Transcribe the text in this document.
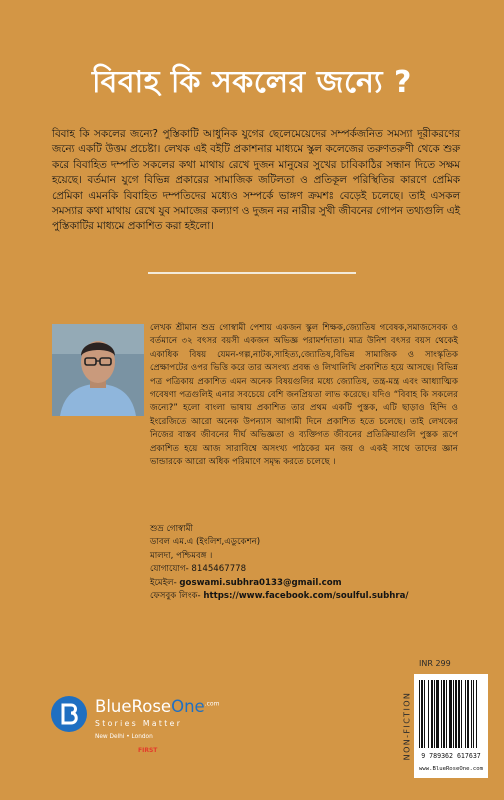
বিবাহ কি সকলের জন্যে ?
বিবাহ কি সকলের জন্যে? পুস্তিকাটি আধুনিক যুগের ছেলেমেয়েদের সম্পর্কজনিত সমস্যা দূরীকরণের জন্যে একটি উত্তম প্রচেষ্টা। লেখক এই বইটি প্রকাশনার মাধ্যমে স্কুল কলেজের তরুণতরুণী থেকে শুরু করে বিবাহিত দম্পতি সকলের কথা মাথায় রেখে দুজন মানুষের সুখের চাবিকাঠির সন্ধান দিতে সক্ষম হয়েছে। বর্তমান যুগে বিভিন্ন প্রকারের সামাজিক জটিলতা ও প্রতিকূল পরিস্থিতির কারণে প্রেমিক প্রেমিকা এমনকি বিবাহিত দম্পতিদের মধ্যেও সম্পর্কে ভাঙ্গণ ক্রমশঃ বেড়েই চলেছে। তাই এসকল সমস্যার কথা মাথায় রেখে যুব সমাজের কল্যাণ ও দুজন নর নারীর সুখী জীবনের গোপন তথ্যগুলি এই পুস্তিকাটির মাধ্যমে প্রকাশিত করা হইলো।
লেখক শ্রীমান শুভ্র গোস্বামী পেশায় একজন স্কুল শিক্ষক,জ্যোতিষ গবেষক,সমাজসেবক ও বর্তমানে ৩২ বৎসর বয়সী একজন অভিজ্ঞ পরামর্শদাতা। মাত্র উনিশ বৎসর বয়স থেকেই একাধিক বিষয় যেমন-গল্প,নাটক,সাহিত্য,জ্যোতিষ,বিভিন্ন সামাজিক ও সাংস্কৃতিক প্রেক্ষাপটের ওপর ভিত্তি করে তার অসংখ্য প্রবন্ধ ও লিখালিখি প্রকাশিত হয়ে আসছে। বিভিন্ন পত্র পত্রিকায় প্রকাশিত এমন অনেক বিষয়গুলির মধ্যে জ্যোতিষ, তন্ত্র-মন্ত্র এবং আধ্যাত্মিক গবেষণা পত্রগুলিই এনার সবচেয়ে বেশি জনপ্রিয়তা লাভ করেছে। যদিও “বিবাহ কি সকলের জন্যে?” হলো বাংলা ভাষায় প্রকাশিত তার প্রথম একটি পুস্তক, এটি ছাড়াও হিন্দি ও ইংরেজিতে আরো অনেক উপন্যাস আগামী দিনে প্রকাশিত হতে চলেছে। তাই লেখকের নিজের বাস্তব জীবনের দীর্ঘ অভিজ্ঞতা ও ব্যক্তিগত জীবনের প্রতিক্রিয়াগুলি পুস্তক রূপে প্রকাশিত হয়ে আজ সারাবিশ্বে অসংখ্য পাঠকের মন জয় ও একই সাথে তাদের জ্ঞান ভান্ডারকে আরো অধিক পরিমাণে সমৃদ্ধ করতে চলেছে ।
শুভ্র গোস্বামী
ডাবল এম.এ (ইংলিশ,এডুকেশন)
মালদা, পশ্চিমবঙ্গ ।
যোগাযোগ- 8145467778
ইমেইল- goswami.subhra0133@gmail.com
ফেসবুক লিংক- https://www.facebook.com/soulful.subhra/
INR 299
NON-FICTION	9 789362 617637
www.BlueRoseOne.com
BlueRoseOne$^{.com}$
Stories Matter
New Delhi • London
FIRST
